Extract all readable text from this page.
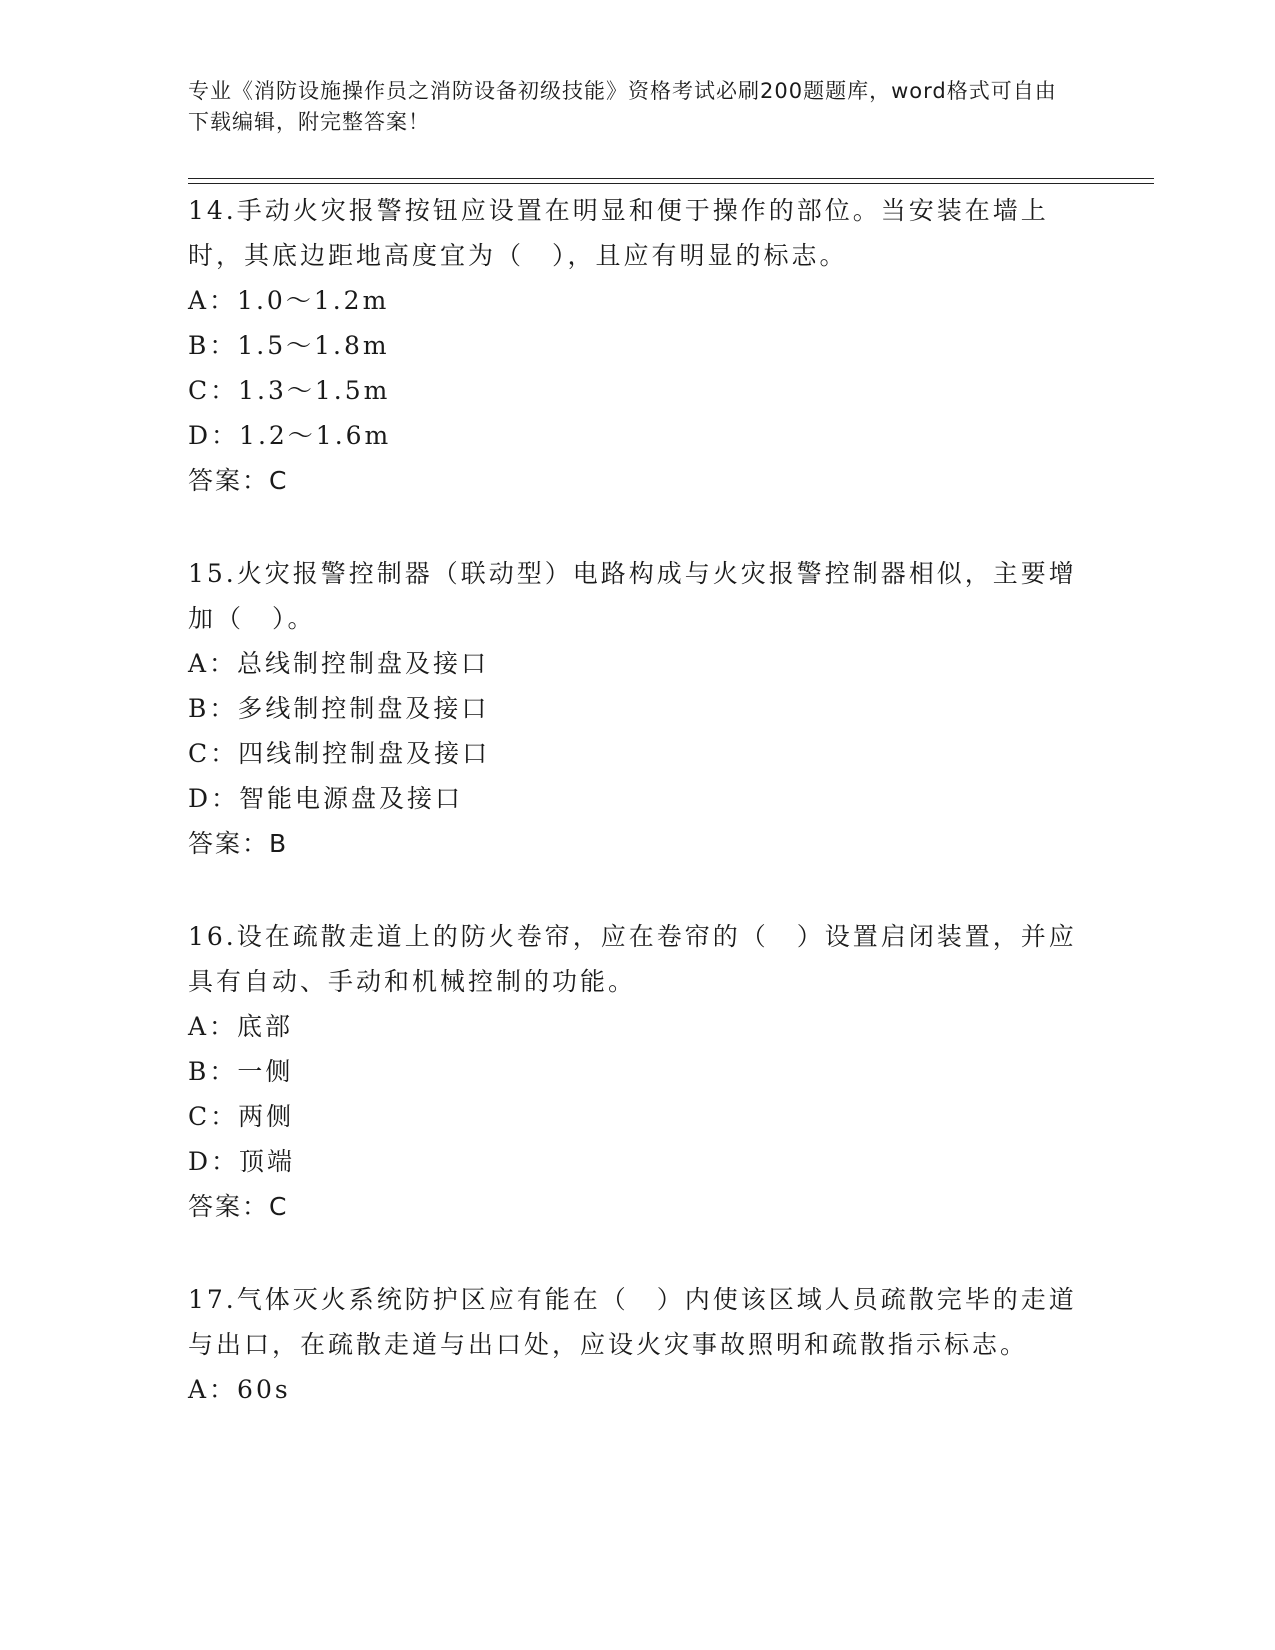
专业《消防设施操作员之消防设备初级技能》资格考试必刷200题题库，word格式可自由下载编辑，附完整答案！

14.手动火灾报警按钮应设置在明显和便于操作的部位。当安装在墙上时，其底边距地高度宜为（　），且应有明显的标志。

A：1.0～1.2m

B：1.5～1.8m

C：1.3～1.5m

D：1.2～1.6m

答案：C

15.火灾报警控制器（联动型）电路构成与火灾报警控制器相似，主要增加（　）。

A：总线制控制盘及接口

B：多线制控制盘及接口

C：四线制控制盘及接口

D：智能电源盘及接口

答案：B

16.设在疏散走道上的防火卷帘，应在卷帘的（　）设置启闭装置，并应具有自动、手动和机械控制的功能。

A：底部

B：一侧

C：两侧

D：顶端

答案：C

17.气体灭火系统防护区应有能在（　）内使该区域人员疏散完毕的走道与出口，在疏散走道与出口处，应设火灾事故照明和疏散指示标志。

A：60s
